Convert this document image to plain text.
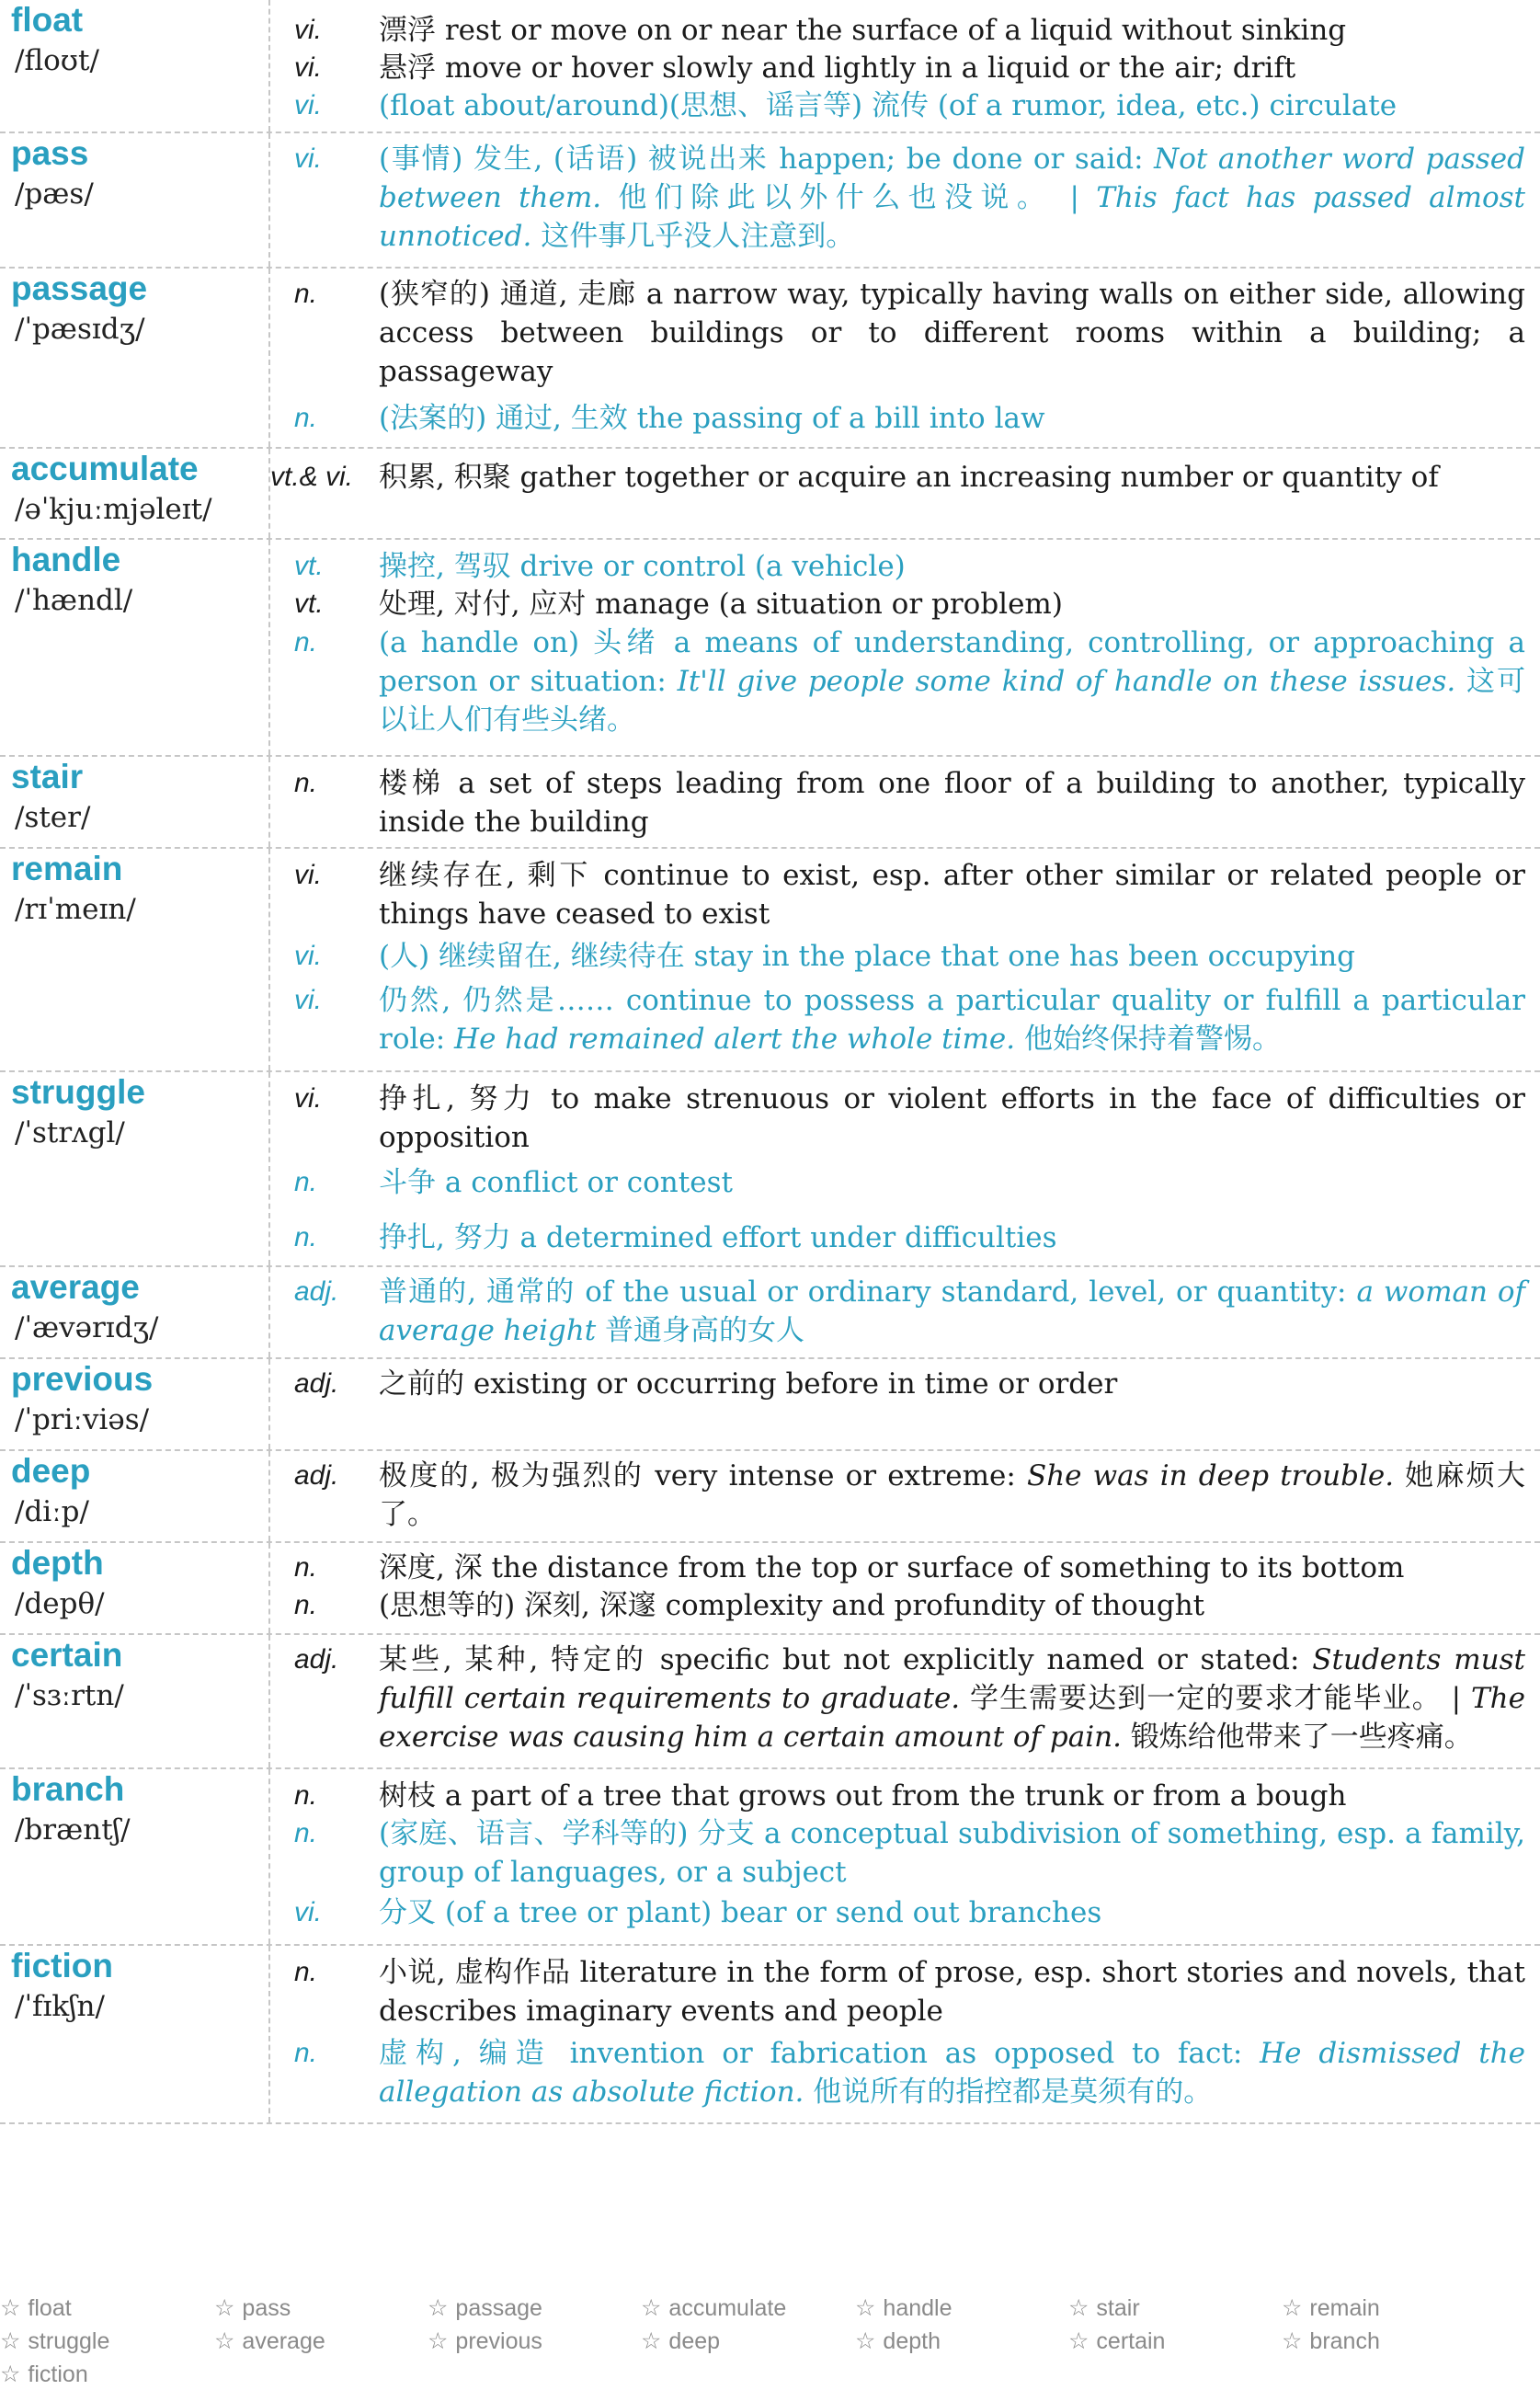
float
/floʊt/
vi. 漂浮 rest or move on or near the surface of a liquid without sinking
vi. 悬浮 move or hover slowly and lightly in a liquid or the air; drift
vi. (float about/around)(思想、谣言等) 流传 (of a rumor, idea, etc.) circulate
pass
/pæs/
vi. (事情) 发生, (话语) 被说出来 happen; be done or said: Not another word passed between them. 他们除此以外什么也没说。 | This fact has passed almost unnoticed. 这件事几乎没人注意到。
passage
/ˈpæsɪdʒ/
n. (狭窄的) 通道, 走廊 a narrow way, typically having walls on either side, allowing access between buildings or to different rooms within a building; a passageway
n. (法案的) 通过, 生效 the passing of a bill into law
accumulate
/əˈkjuːmjəleɪt/
vt.& vi. 积累, 积聚 gather together or acquire an increasing number or quantity of
handle
/ˈhændl/
vt. 操控, 驾驭 drive or control (a vehicle)
vt. 处理, 对付, 应对 manage (a situation or problem)
n. (a handle on) 头绪 a means of understanding, controlling, or approaching a person or situation: It'll give people some kind of handle on these issues. 这可以让人们有些头绪。
stair
/ster/
n. 楼梯 a set of steps leading from one floor of a building to another, typically inside the building
remain
/rɪˈmeɪn/
vi. 继续存在, 剩下 continue to exist, esp. after other similar or related people or things have ceased to exist
vi. (人) 继续留在, 继续待在 stay in the place that one has been occupying
vi. 仍然, 仍然是…… continue to possess a particular quality or fulfill a particular role: He had remained alert the whole time. 他始终保持着警惕。
struggle
/ˈstrʌgl/
vi. 挣扎, 努力 to make strenuous or violent efforts in the face of difficulties or opposition
n. 斗争 a conflict or contest
n. 挣扎, 努力 a determined effort under difficulties
average
/ˈævərɪdʒ/
adj. 普通的, 通常的 of the usual or ordinary standard, level, or quantity: a woman of average height 普通身高的女人
previous
/ˈpriːviəs/
adj. 之前的 existing or occurring before in time or order
deep
/diːp/
adj. 极度的, 极为强烈的 very intense or extreme: She was in deep trouble. 她麻烦大了。
depth
/depθ/
n. 深度, 深 the distance from the top or surface of something to its bottom
n. (思想等的) 深刻, 深邃 complexity and profundity of thought
certain
/ˈsɜːrtn/
adj. 某些, 某种, 特定的 specific but not explicitly named or stated: Students must fulfill certain requirements to graduate. 学生需要达到一定的要求才能毕业。 | The exercise was causing him a certain amount of pain. 锻炼给他带来了一些疼痛。
branch
/bræntʃ/
n. 树枝 a part of a tree that grows out from the trunk or from a bough
n. (家庭、语言、学科等的) 分支 a conceptual subdivision of something, esp. a family, group of languages, or a subject
vi. 分叉 (of a tree or plant) bear or send out branches
fiction
/ˈfɪkʃn/
n. 小说, 虚构作品 literature in the form of prose, esp. short stories and novels, that describes imaginary events and people
n. 虚构, 编造 invention or fabrication as opposed to fact: He dismissed the allegation as absolute fiction. 他说所有的指控都是莫须有的。
☆ float	☆ pass	☆ passage	☆ accumulate	☆ handle	☆ stair	☆ remain
☆ struggle	☆ average	☆ previous	☆ deep	☆ depth	☆ certain	☆ branch
☆ fiction
